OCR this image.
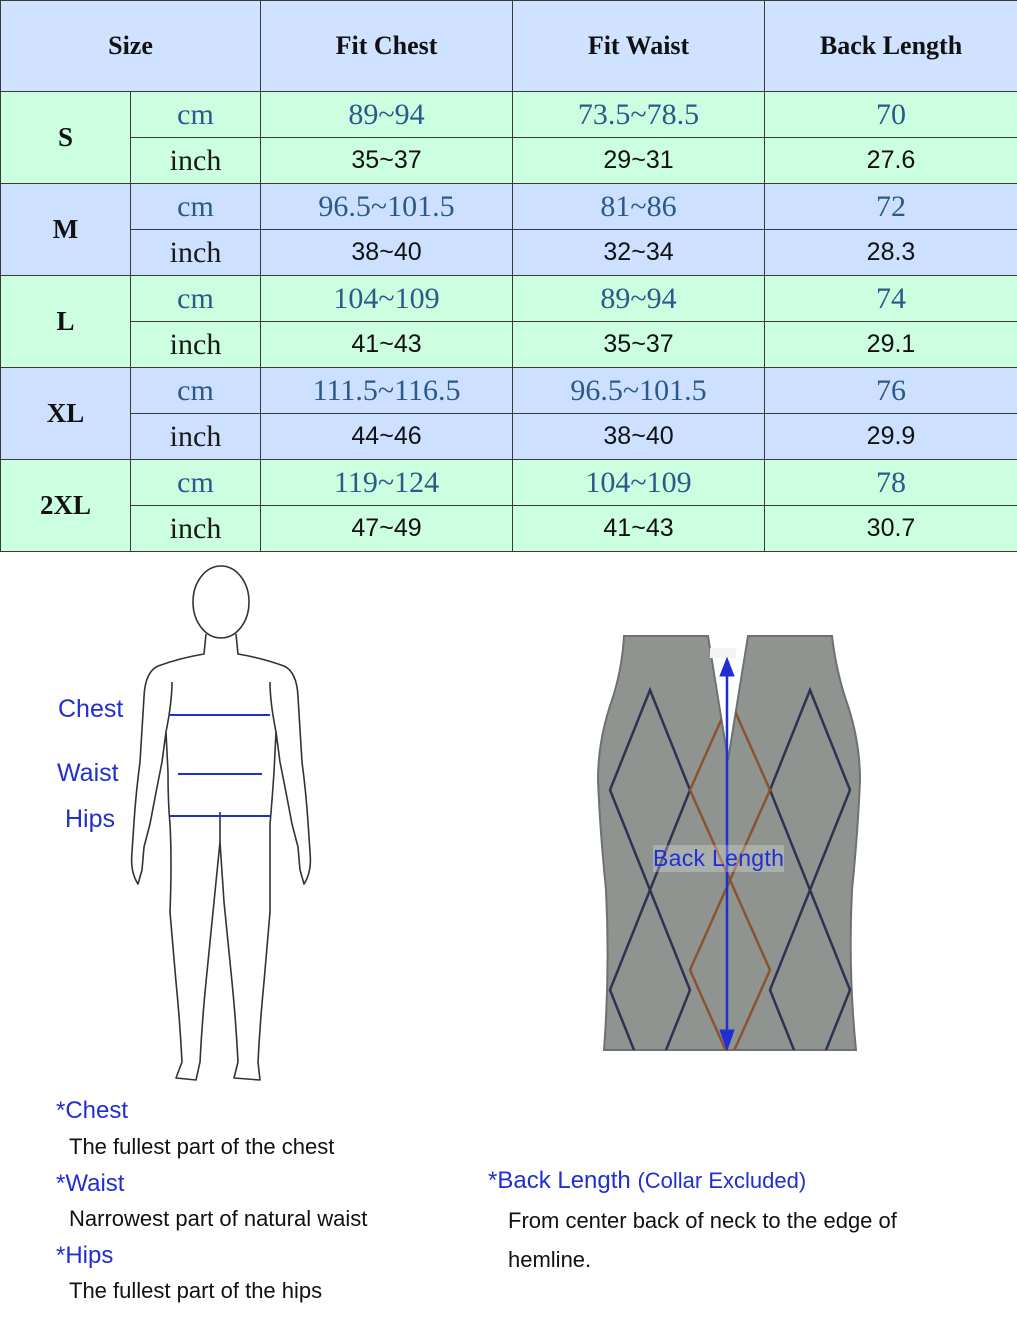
Size		Fit Chest	Fit Waist	Back Length
S	cm	89~94	73.5~78.5	70
	inch	35~37	29~31	27.6
M	cm	96.5~101.5	81~86	72
	inch	38~40	32~34	28.3
L	cm	104~109	89~94	74
	inch	41~43	35~37	29.1
XL	cm	111.5~116.5	96.5~101.5	76
	inch	44~46	38~40	29.9
2XL	cm	119~124	104~109	78
	inch	47~49	41~43	30.7
Chest
Waist
Hips
Back Length
*Chest
The fullest part of the chest
*Waist
Narrowest part of natural waist
*Hips
The fullest part of the hips
*Back Length (Collar Excluded)
From center back of neck to the edge of
hemline.
